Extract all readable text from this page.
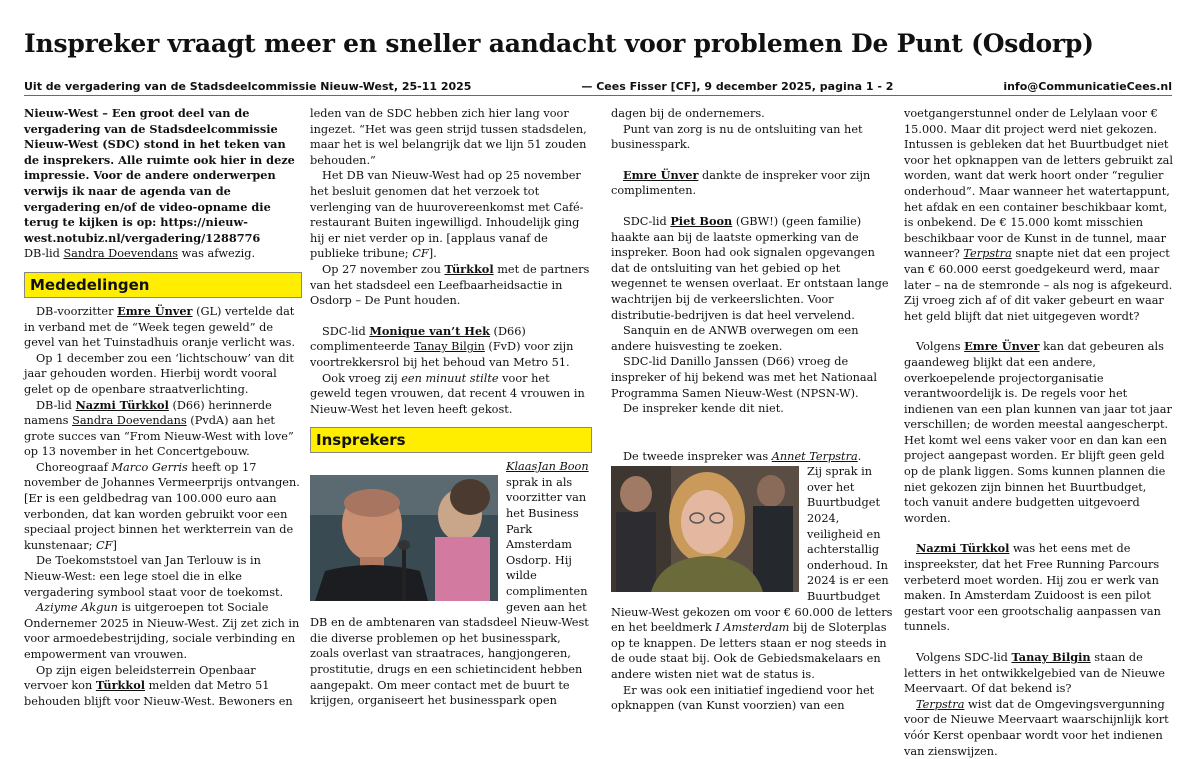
Inspreker vraagt meer en sneller aandacht voor problemen De Punt (Osdorp)
Uit de vergadering van de Stadsdeelcommissie Nieuw-West, 25-11 2025	— Cees Fisser [CF], 9 december 2025, pagina 1 - 2	info@CommunicatieCees.nl

Nieuw-West – Een groot deel van de vergadering van de Stadsdeelcommissie Nieuw-West (SDC) stond in het teken van de insprekers. Alle ruimte ook hier in deze impressie. Voor de andere onderwerpen verwijs ik naar de agenda van de vergadering en/of de video-opname die terug te kijken is op: https://nieuw-west.notubiz.nl/vergadering/1288776

DB-lid Sandra Doevendans was afwezig.

Mededelingen

DB-voorzitter Emre Ünver (GL) vertelde dat in verband met de “Week tegen geweld” de gevel van het Tuinstadhuis oranje verlicht was.

Op 1 december zou een ‘lichtschouw’ van dit jaar gehouden worden. Hierbij wordt vooral gelet op de openbare straatverlichting.

DB-lid Nazmi Türkkol (D66) herinnerde namens Sandra Doevendans (PvdA) aan het grote succes van “From Nieuw-West with love” op 13 november in het Concertgebouw.

Choreograaf Marco Gerris heeft op 17 november de Johannes Vermeerprijs ontvangen. [Er is een geldbedrag van 100.000 euro aan verbonden, dat kan worden gebruikt voor een speciaal project binnen het werkterrein van de kunstenaar; CF]

De Toekomststoel van Jan Terlouw is in Nieuw-West: een lege stoel die in elke vergadering symbool staat voor de toekomst.

Aziyme Akgun is uitgeroepen tot Sociale Ondernemer 2025 in Nieuw-West. Zij zet zich in voor armoedebestrijding, sociale verbinding en empowerment van vrouwen.

Op zijn eigen beleidsterrein Openbaar vervoer kon Türkkol melden dat Metro 51 behouden blijft voor Nieuw-West. Bewoners en

leden van de SDC hebben zich hier lang voor ingezet. “Het was geen strijd tussen stadsdelen, maar het is wel belangrijk dat we lijn 51 zouden behouden.”

Het DB van Nieuw-West had op 25 november het besluit genomen dat het verzoek tot verlenging van de huurovereenkomst met Café-restaurant Buiten ingewilligd. Inhoudelijk ging hij er niet verder op in. [applaus vanaf de publieke tribune; CF].

Op 27 november zou Türkkol met de partners van het stadsdeel een Leefbaarheidsactie in Osdorp – De Punt houden.

SDC-lid Monique van’t Hek (D66) complimenteerde Tanay Bilgin (FvD) voor zijn voortrekkersrol bij het behoud van Metro 51.

Ook vroeg zij een minuut stilte voor het geweld tegen vrouwen, dat recent 4 vrouwen in Nieuw-West het leven heeft gekost.

Insprekers

KlaasJan Boon sprak in als voorzitter van het Business Park Amsterdam Osdorp. Hij wilde complimenten geven aan het DB en de ambtenaren van stadsdeel Nieuw-West die diverse problemen op het businesspark, zoals overlast van straatraces, hangjongeren, prostitutie, drugs en een schietincident hebben aangepakt. Om meer contact met de buurt te krijgen, organiseert het businesspark open

dagen bij de ondernemers.

Punt van zorg is nu de ontsluiting van het businesspark.

Emre Ünver dankte de inspreker voor zijn complimenten.

SDC-lid Piet Boon (GBW!) (geen familie) haakte aan bij de laatste opmerking van de inspreker. Boon had ook signalen opgevangen dat de ontsluiting van het gebied op het wegennet te wensen overlaat. Er ontstaan lange wachtrijen bij de verkeerslichten. Voor distributie-bedrijven is dat heel vervelend.

Sanquin en de ANWB overwegen om een andere huisvesting te zoeken.

SDC-lid Danillo Janssen (D66) vroeg de inspreker of hij bekend was met het Nationaal Programma Samen Nieuw-West (NPSN-W).

De inspreker kende dit niet.

De tweede inspreker was Annet Terpstra.

Zij sprak in over het Buurtbudget 2024, veiligheid en achterstallig onderhoud. In 2024 is er een Buurtbudget Nieuw-West gekozen om voor € 60.000 de letters en het beeldmerk I Amsterdam bij de Sloterplas op te knappen. De letters staan er nog steeds in de oude staat bij. Ook de Gebiedsmakelaars en andere wisten niet wat de status is.

Er was ook een initiatief ingediend voor het opknappen (van Kunst voorzien) van een

voetgangerstunnel onder de Lelylaan voor € 15.000. Maar dit project werd niet gekozen. Intussen is gebleken dat het Buurtbudget niet voor het opknappen van de letters gebruikt zal worden, want dat werk hoort onder “regulier onderhoud”. Maar wanneer het watertappunt, het afdak en een container beschikbaar komt, is onbekend. De € 15.000 komt misschien beschikbaar voor de Kunst in de tunnel, maar wanneer? Terpstra snapte niet dat een project van € 60.000 eerst goedgekeurd werd, maar later – na de stemronde – als nog is afgekeurd. Zij vroeg zich af of dit vaker gebeurt en waar het geld blijft dat niet uitgegeven wordt?

Volgens Emre Ünver kan dat gebeuren als gaandeweg blijkt dat een andere, overkoepelende projectorganisatie verantwoordelijk is. De regels voor het indienen van een plan kunnen van jaar tot jaar verschillen; de worden meestal aangescherpt. Het komt wel eens vaker voor en dan kan een project aangepast worden. Er blijft geen geld op de plank liggen. Soms kunnen plannen die niet gekozen zijn binnen het Buurtbudget, toch vanuit andere budgetten uitgevoerd worden.

Nazmi Türkkol was het eens met de inspreekster, dat het Free Running Parcours verbeterd moet worden. Hij zou er werk van maken. In Amsterdam Zuidoost is een pilot gestart voor een grootschalig aanpassen van tunnels.

Volgens SDC-lid Tanay Bilgin staan de letters in het ontwikkelgebied van de Nieuwe Meervaart. Of dat bekend is?

Terpstra wist dat de Omgevingsvergunning voor de Nieuwe Meervaart waarschijnlijk kort vóór Kerst openbaar wordt voor het indienen van zienswijzen.
